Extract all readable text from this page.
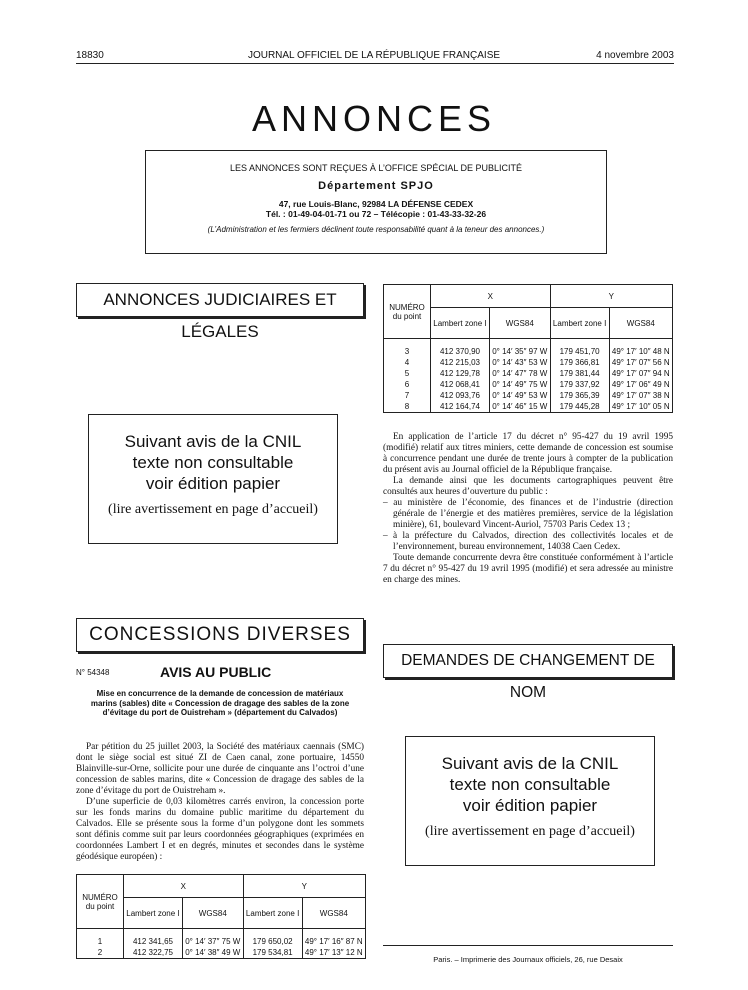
18830	JOURNAL OFFICIEL DE LA RÉPUBLIQUE FRANÇAISE	4 novembre 2003
ANNONCES
LES ANNONCES SONT REÇUES À L’OFFICE SPÉCIAL DE PUBLICITÉ
Département SPJO
47, rue Louis-Blanc, 92984 LA DÉFENSE CEDEX
Tél. : 01-49-04-01-71 ou 72 – Télécopie : 01-43-33-32-26
(L’Administration et les fermiers déclinent toute responsabilité quant à la teneur des annonces.)
ANNONCES JUDICIAIRES ET LÉGALES
Suivant avis de la CNIL
texte non consultable
voir édition papier
(lire avertissement en page d’accueil)
CONCESSIONS DIVERSES
N° 54348	AVIS AU PUBLIC
Mise en concurrence de la demande de concession de matériaux marins (sables) dite « Concession de dragage des sables de la zone d’évitage du port de Ouistreham » (département du Calvados)

Par pétition du 25 juillet 2003, la Société des matériaux caennais (SMC) dont le siège social est situé ZI de Caen canal, zone portuaire, 14550 Blainville-sur-Orne, sollicite pour une durée de cinquante ans l’octroi d’une concession de sables marins, dite « Concession de dragage des sables de la zone d’évitage du port de Ouistreham ».

D’une superficie de 0,03 kilomètres carrés environ, la concession porte sur les fonds marins du domaine public maritime du département du Calvados. Elle se présente sous la forme d’un polygone dont les sommets sont définis comme suit par leurs coordonnées géographiques (exprimées en coordonnées Lambert I et en degrés, minutes et secondes dans le système géodésique européen) :

NUMÉRO du point	X		Y	
	Lambert zone I	WGS84	Lambert zone I	WGS84
1	412 341,65	0° 14′ 37″ 75 W	179 650,02	49° 17′ 16″ 87 N
2	412 322,75	0° 14′ 38″ 49 W	179 534,81	49° 17′ 13″ 12 N
NUMÉRO du point	X		Y	
	Lambert zone I	WGS84	Lambert zone I	WGS84
3	412 370,90	0° 14′ 35″ 97 W	179 451,70	49° 17′ 10″ 48 N
4	412 215,03	0° 14′ 43″ 53 W	179 366,81	49° 17′ 07″ 56 N
5	412 129,78	0° 14′ 47″ 78 W	179 381,44	49° 17′ 07″ 94 N
6	412 068,41	0° 14′ 49″ 75 W	179 337,92	49° 17′ 06″ 49 N
7	412 093,76	0° 14′ 49″ 53 W	179 365,39	49° 17′ 07″ 38 N
8	412 164,74	0° 14′ 46″ 15 W	179 445,28	49° 17′ 10″ 05 N

En application de l’article 17 du décret n° 95-427 du 19 avril 1995 (modifié) relatif aux titres miniers, cette demande de concession est soumise à concurrence pendant une durée de trente jours à compter de la publication du présent avis au Journal officiel de la République française.

La demande ainsi que les documents cartographiques peuvent être consultés aux heures d’ouverture du public :

– au ministère de l’économie, des finances et de l’industrie (direction générale de l’énergie et des matières premières, service de la législation minière), 61, boulevard Vincent-Auriol, 75703 Paris Cedex 13 ;
– à la préfecture du Calvados, direction des collectivités locales et de l’environnement, bureau environnement, 14038 Caen Cedex.

Toute demande concurrente devra être constituée conformément à l’article 7 du décret n° 95-427 du 19 avril 1995 (modifié) et sera adressée au ministre en charge des mines.

DEMANDES DE CHANGEMENT DE NOM
Suivant avis de la CNIL
texte non consultable
voir édition papier
(lire avertissement en page d’accueil)
Paris. – Imprimerie des Journaux officiels, 26, rue Desaix
